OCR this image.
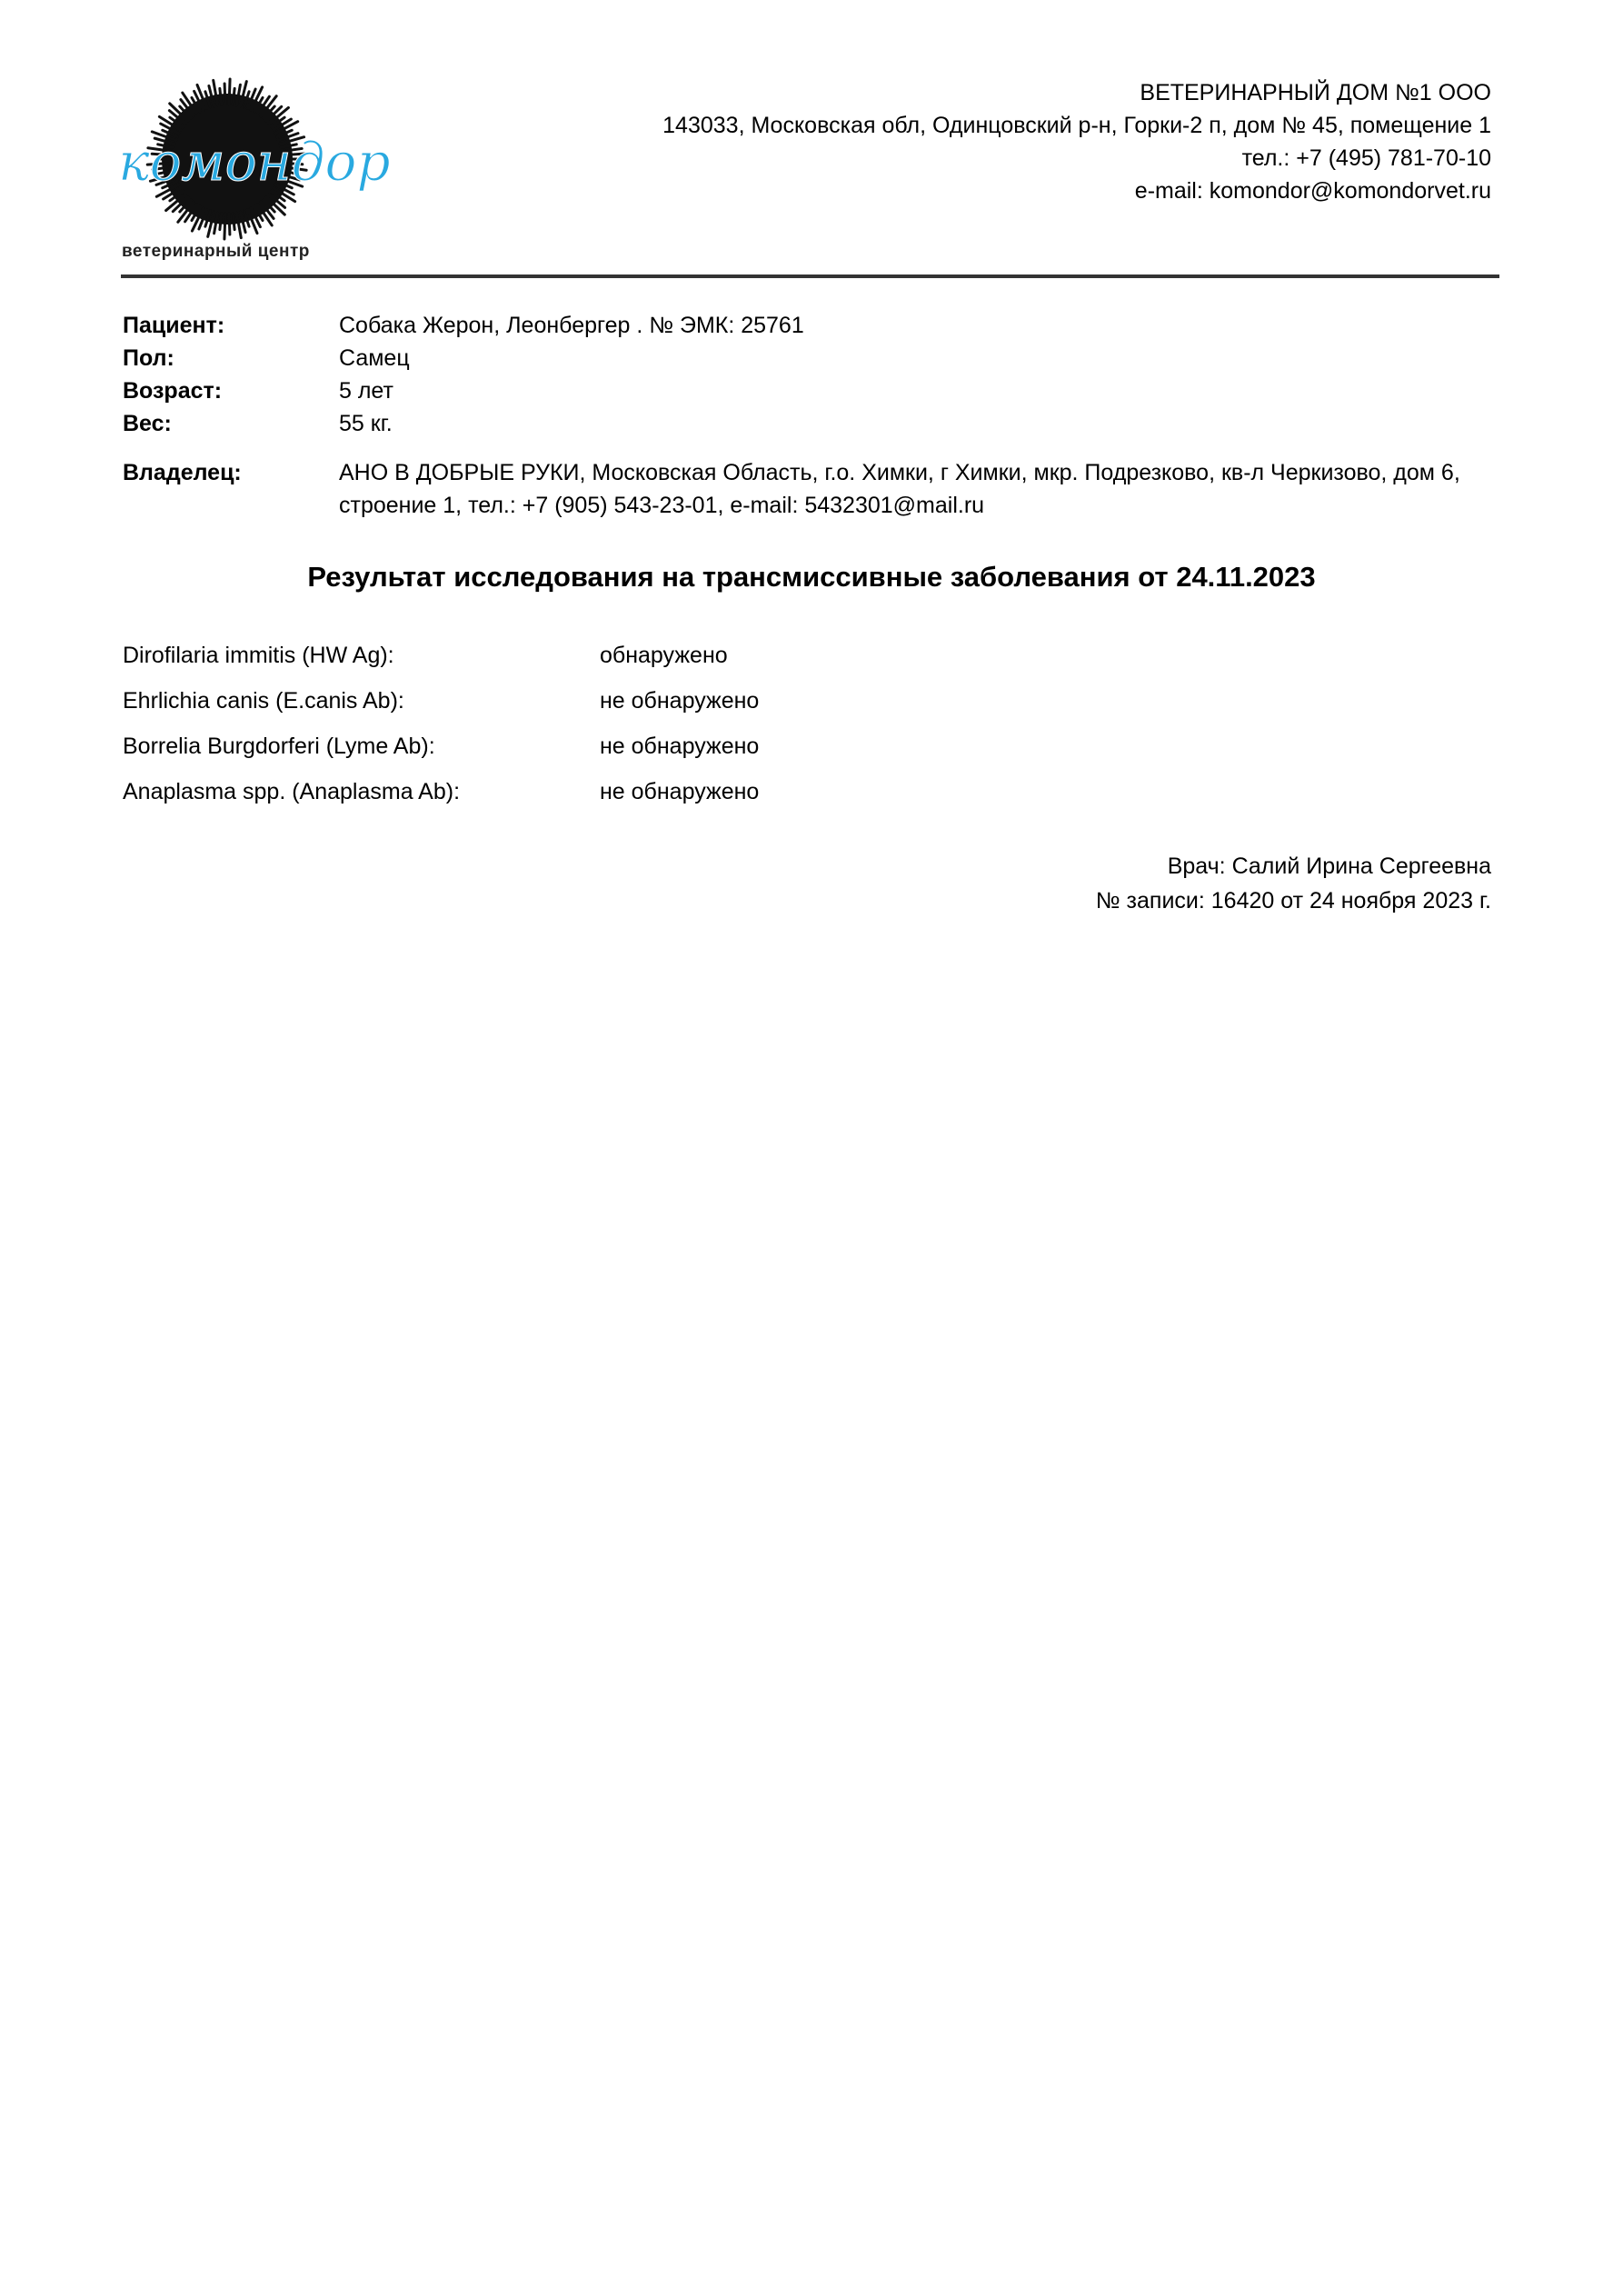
комондор
ветеринарный центр
ВЕТЕРИНАРНЫЙ ДОМ №1 ООО
143033, Московская обл, Одинцовский р-н, Горки-2 п, дом № 45, помещение 1
тел.: +7 (495) 781-70-10
e-mail: komondor@komondorvet.ru
Пациент:	Собака Жерон, Леонбергер . № ЭМК: 25761
Пол:	Самец
Возраст:	5 лет
Вес:	55 кг.
Владелец:	АНО В ДОБРЫЕ РУКИ, Московская Область, г.о. Химки, г Химки, мкр. Подрезково, кв-л Черкизово, дом 6, строение 1, тел.: +7 (905) 543-23-01, e-mail: 5432301@mail.ru
Результат исследования на трансмиссивные заболевания от 24.11.2023
Dirofilaria immitis (HW Ag):	обнаружено
Ehrlichia canis (E.canis Ab):	не обнаружено
Borrelia Burgdorferi (Lyme Ab):	не обнаружено
Anaplasma spp. (Anaplasma Ab):	не обнаружено
Врач: Салий Ирина Сергеевна
№ записи: 16420 от 24 ноября 2023 г.
